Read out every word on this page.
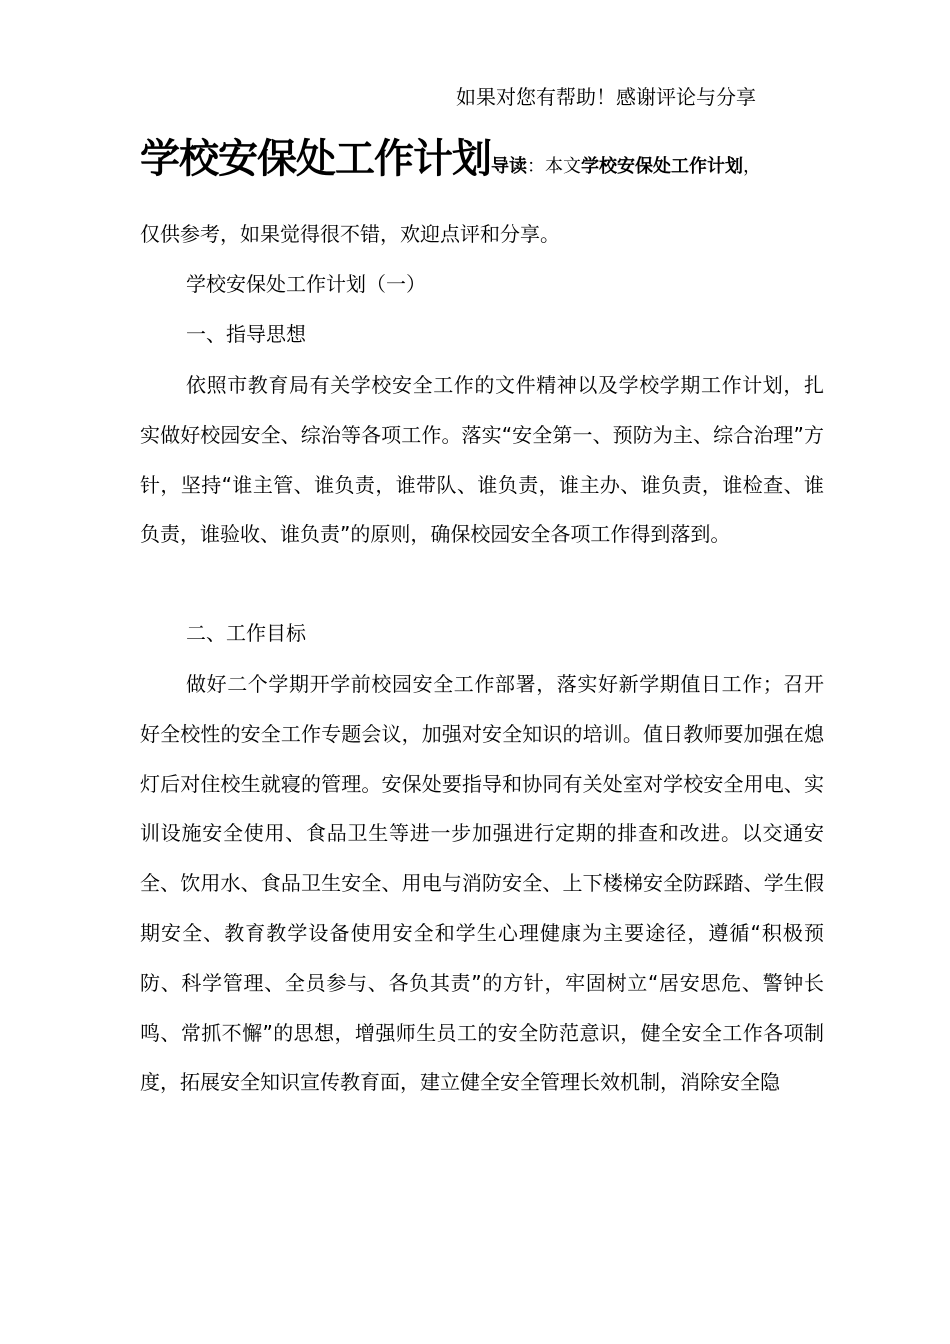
如果对您有帮助！感谢评论与分享
学校安保处工作计划导读：本文学校安保处工作计划，
仅供参考，如果觉得很不错，欢迎点评和分享。
学校安保处工作计划（一）
一、指导思想
依照市教育局有关学校安全工作的文件精神以及学校学期工作计划，扎实做好校园安全、综治等各项工作。落实“安全第一、预防为主、综合治理”方针，坚持“谁主管、谁负责，谁带队、谁负责，谁主办、谁负责，谁检查、谁负责，谁验收、谁负责”的原则，确保校园安全各项工作得到落到。
二、工作目标
做好二个学期开学前校园安全工作部署，落实好新学期值日工作；召开好全校性的安全工作专题会议，加强对安全知识的培训。值日教师要加强在熄灯后对住校生就寝的管理。安保处要指导和协同有关处室对学校安全用电、实训设施安全使用、食品卫生等进一步加强进行定期的排查和改进。以交通安全、饮用水、食品卫生安全、用电与消防安全、上下楼梯安全防踩踏、学生假期安全、教育教学设备使用安全和学生心理健康为主要途径，遵循“积极预防、科学管理、全员参与、各负其责”的方针，牢固树立“居安思危、警钟长鸣、常抓不懈”的思想，增强师生员工的安全防范意识，健全安全工作各项制度，拓展安全知识宣传教育面，建立健全安全管理长效机制，消除安全隐
